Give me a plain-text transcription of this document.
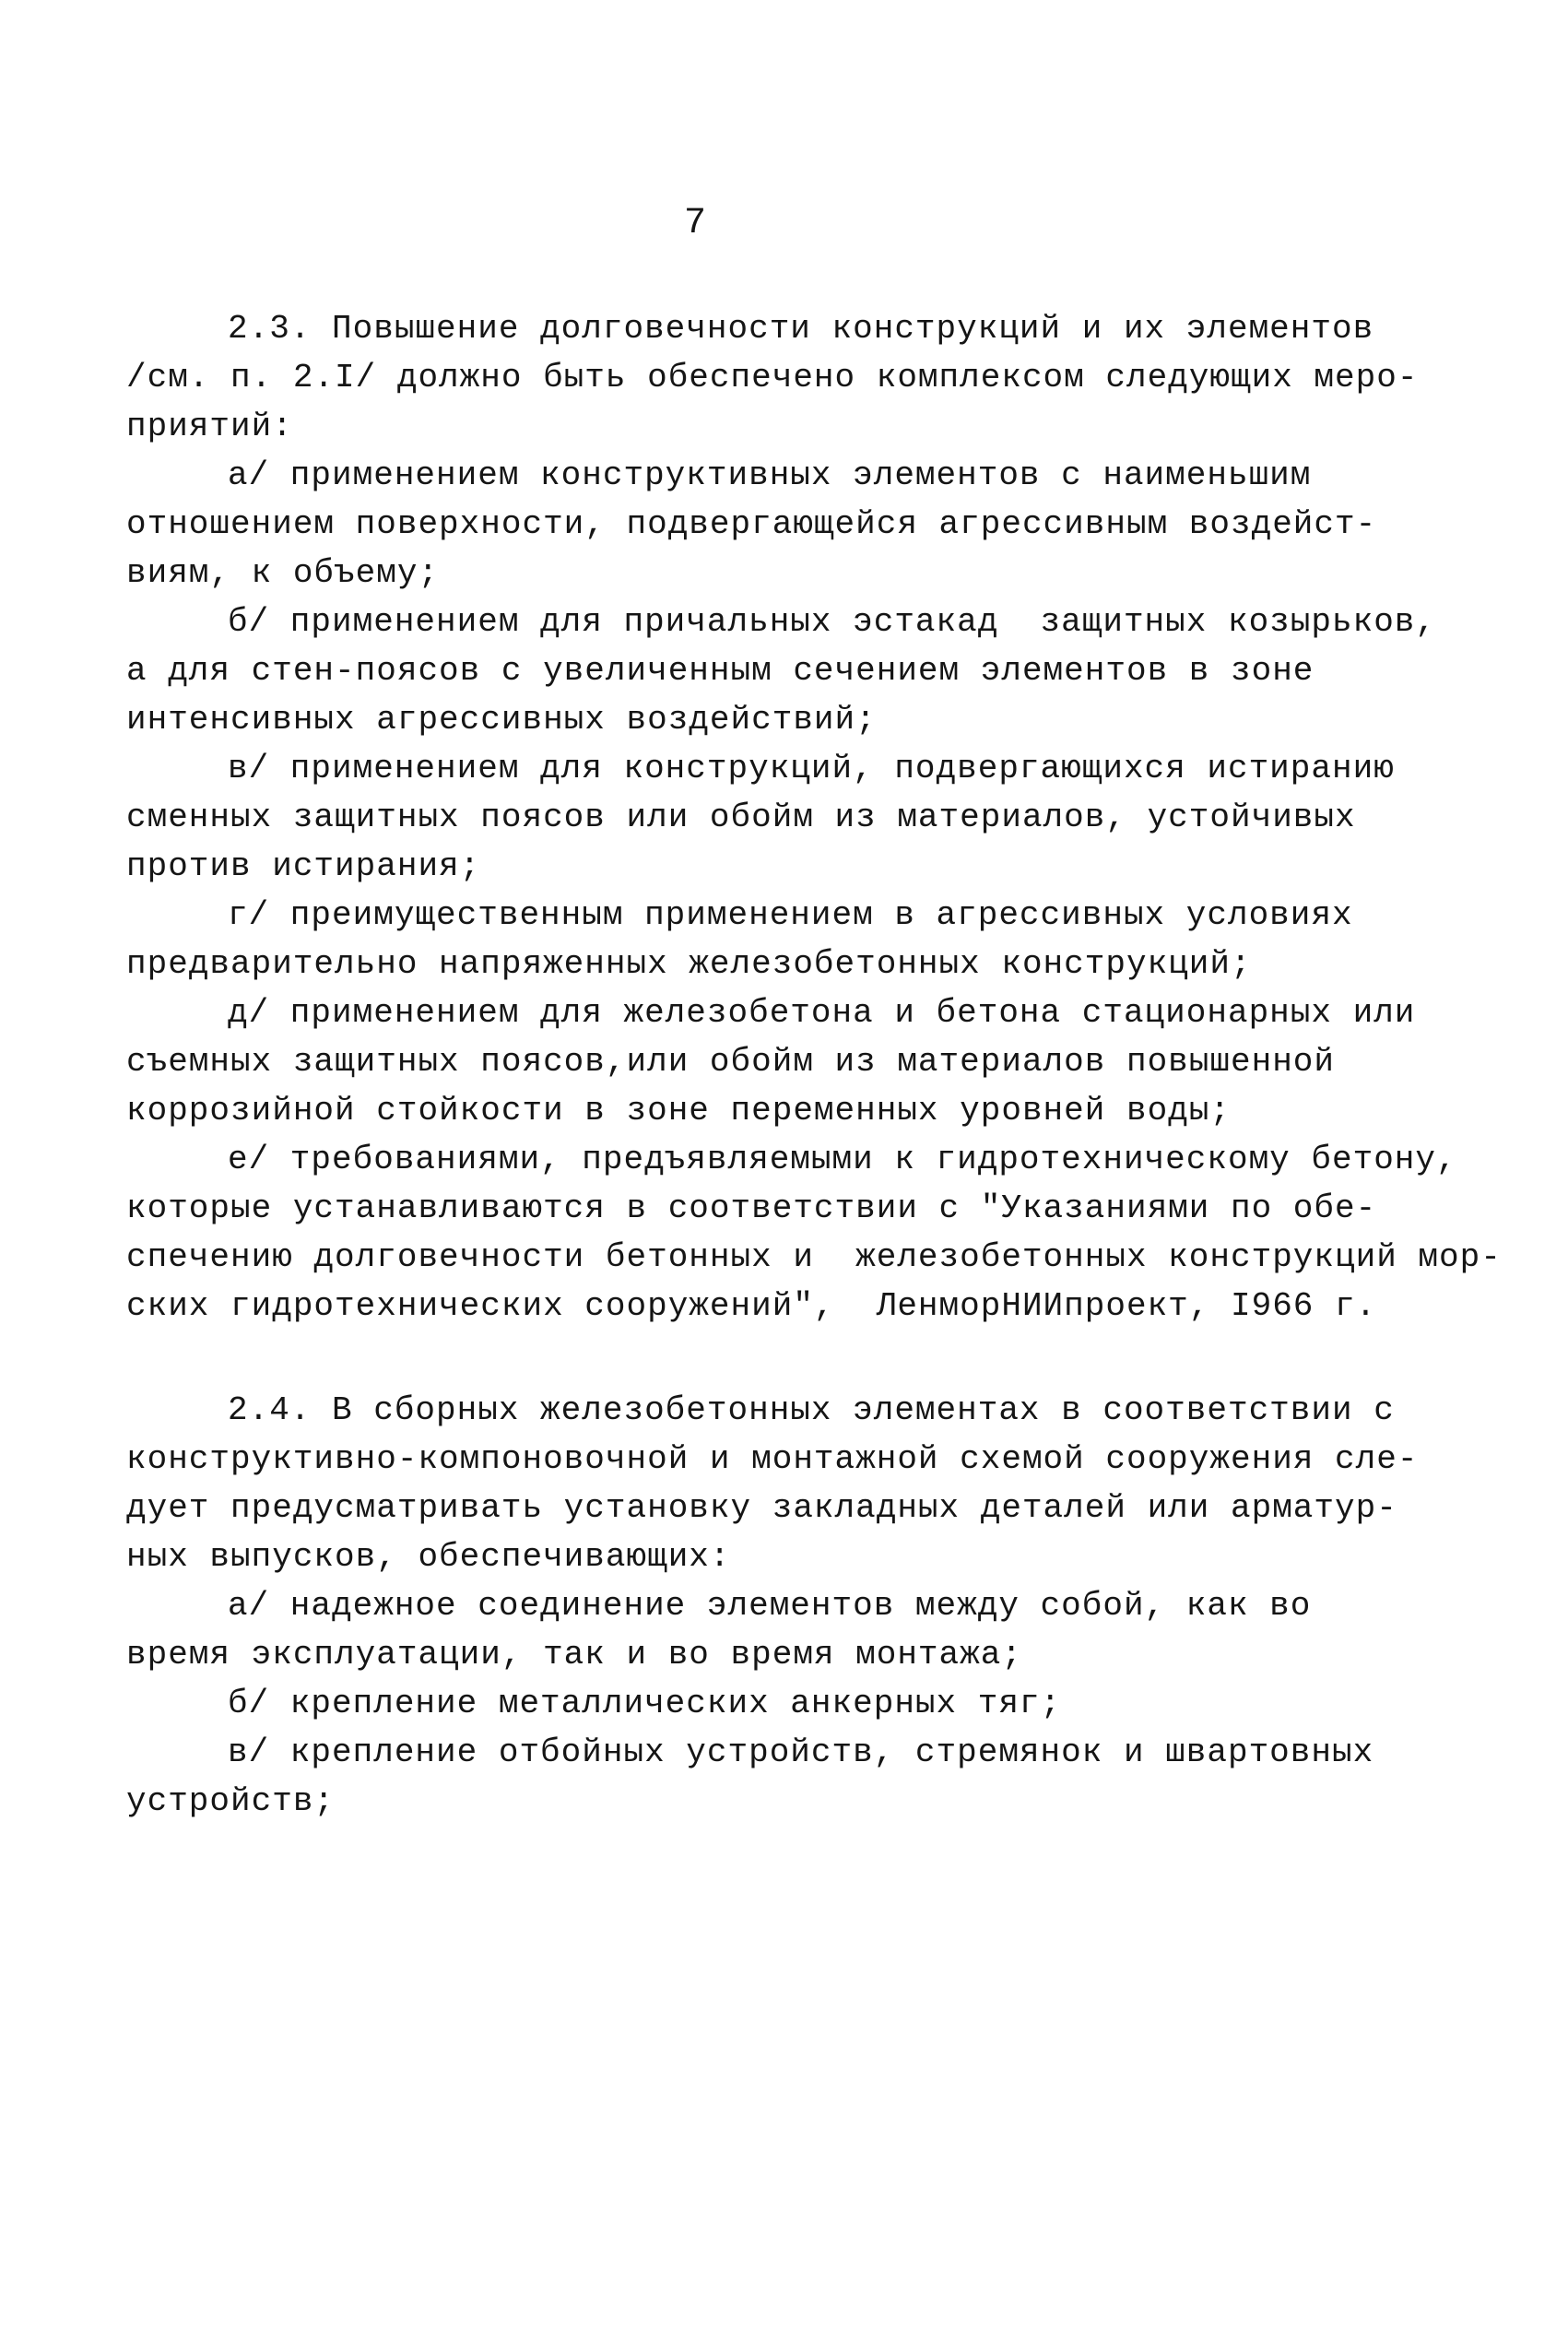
7
2.3. Повышение долговечности конструкций и их элементов
/см. п. 2.I/ должно быть обеспечено комплексом следующих меро-
приятий:
а/ применением конструктивных элементов с наименьшим
отношением поверхности, подвергающейся агрессивным воздейст-
виям, к объему;
б/ применением для причальных эстакад  защитных козырьков,
а для стен-поясов с увеличенным сечением элементов в зоне
интенсивных агрессивных воздействий;
в/ применением для конструкций, подвергающихся истиранию
сменных защитных поясов или обойм из материалов, устойчивых
против истирания;
г/ преимущественным применением в агрессивных условиях
предварительно напряженных железобетонных конструкций;
д/ применением для железобетона и бетона стационарных или
съемных защитных поясов,или обойм из материалов повышенной
коррозийной стойкости в зоне переменных уровней воды;
е/ требованиями, предъявляемыми к гидротехническому бетону,
которые устанавливаются в соответствии с "Указаниями по обе-
спечению долговечности бетонных и  железобетонных конструкций мор-
ских гидротехнических сооружений",  ЛенморНИИпроект, I966 г.
2.4. В сборных железобетонных элементах в соответствии с
конструктивно-компоновочной и монтажной схемой сооружения сле-
дует предусматривать установку закладных деталей или арматур-
ных выпусков, обеспечивающих:
а/ надежное соединение элементов между собой, как во
время эксплуатации, так и во время монтажа;
б/ крепление металлических анкерных тяг;
в/ крепление отбойных устройств, стремянок и швартовных
устройств;
